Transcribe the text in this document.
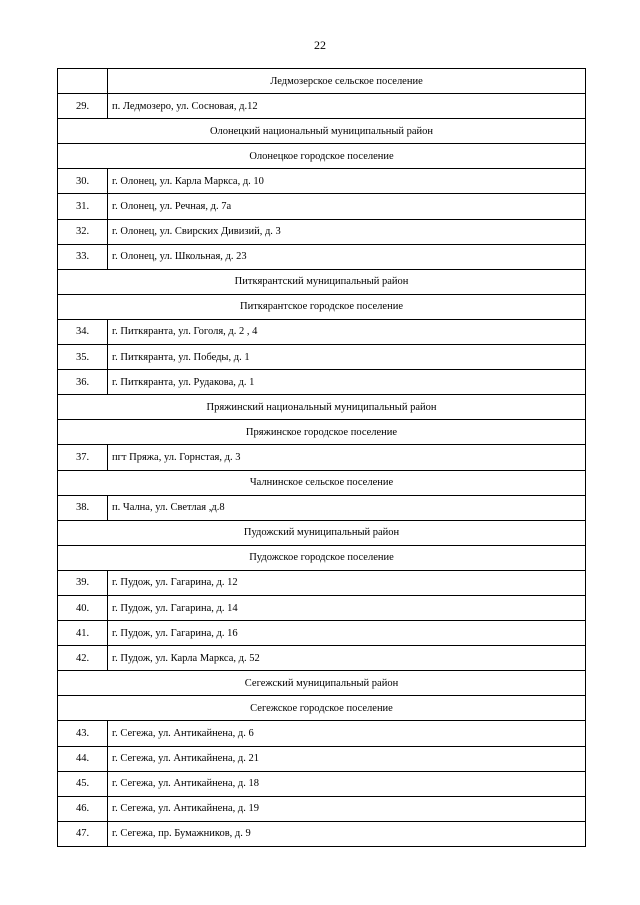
22
	Ледмозерское сельское поселение
29.	п. Ледмозеро, ул. Сосновая, д.12
Олонецкий национальный муниципальный район	
Олонецкое городское поселение	
30.	г. Олонец, ул. Карла Маркса, д. 10
31.	г. Олонец, ул. Речная, д. 7а
32.	г. Олонец, ул. Свирских Дивизий, д. 3
33.	г. Олонец, ул. Школьная, д. 23
Питкярантский муниципальный район	
Питкярантское городское поселение	
34.	г. Питкяранта, ул. Гоголя, д. 2 , 4
35.	г. Питкяранта, ул. Победы, д. 1
36.	г. Питкяранта, ул. Рудакова, д. 1
Пряжинский национальный муниципальный район	
Пряжинское городское поселение	
37.	пгт Пряжа, ул. Горнстая, д. 3
Чалнинское сельское поселение	
38.	п. Чална, ул. Светлая ,д.8
Пудожский муниципальный район	
Пудожское городское поселение	
39.	г. Пудож, ул. Гагарина, д. 12
40.	г. Пудож, ул. Гагарина, д. 14
41.	г. Пудож, ул. Гагарина, д. 16
42.	г. Пудож, ул. Карла Маркса, д. 52
Сегежский муниципальный район	
Сегежское городское поселение	
43.	г. Сегежа, ул. Антикайнена, д. 6
44.	г. Сегежа, ул. Антикайнена, д. 21
45.	г. Сегежа, ул. Антикайнена, д. 18
46.	г. Сегежа, ул. Антикайнена, д. 19
47.	г. Сегежа, пр. Бумажников, д. 9
